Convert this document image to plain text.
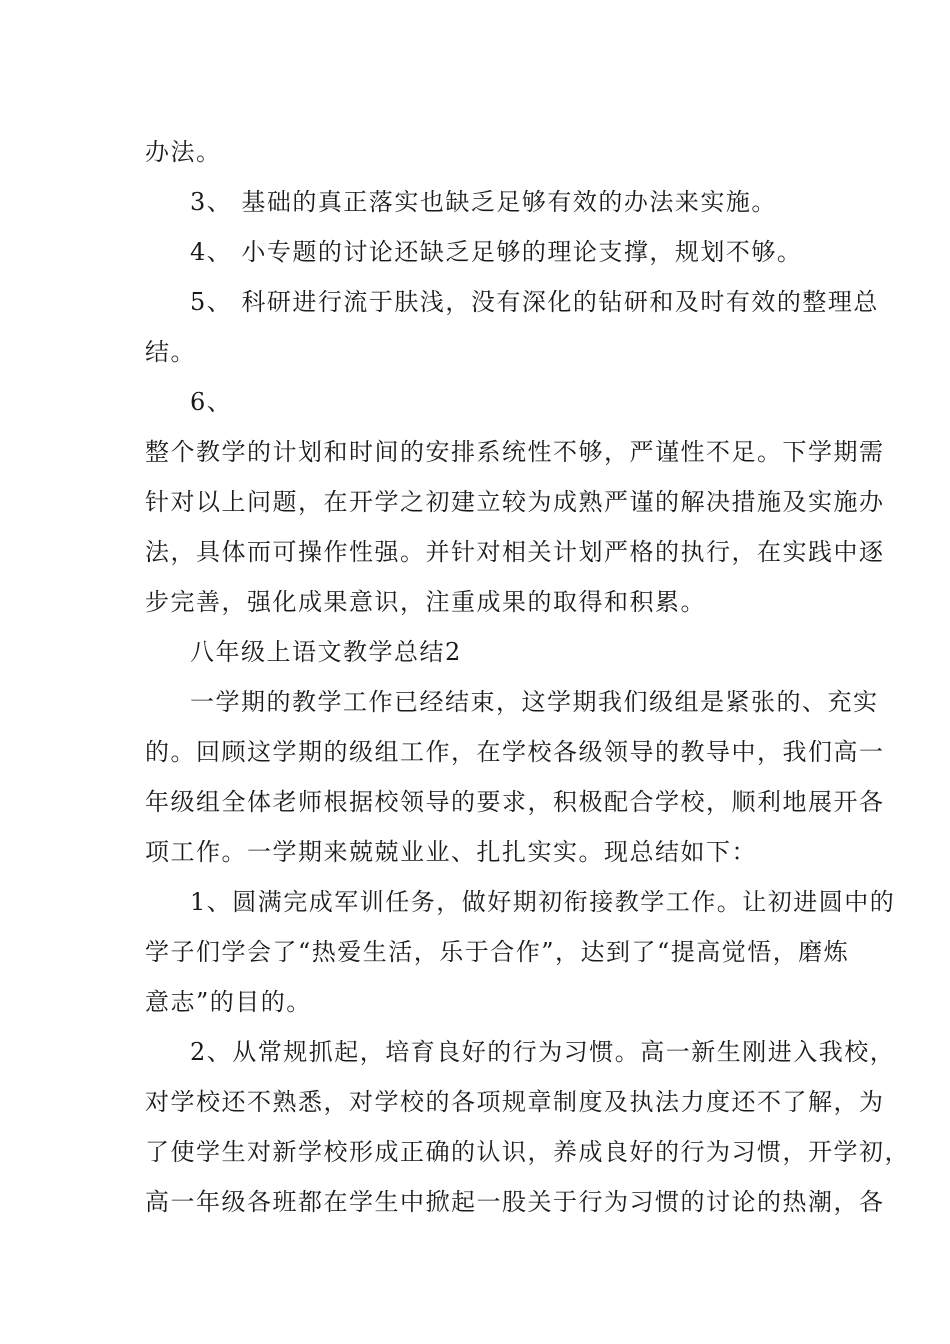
办法。

3、 基础的真正落实也缺乏足够有效的办法来实施。

4、 小专题的讨论还缺乏足够的理论支撑，规划不够。

5、 科研进行流于肤浅，没有深化的钻研和及时有效的整理总

结。

6、

整个教学的计划和时间的安排系统性不够，严谨性不足。下学期需

针对以上问题，在开学之初建立较为成熟严谨的解决措施及实施办

法，具体而可操作性强。并针对相关计划严格的执行，在实践中逐

步完善，强化成果意识，注重成果的取得和积累。

八年级上语文教学总结2

一学期的教学工作已经结束，这学期我们级组是紧张的、充实

的。回顾这学期的级组工作，在学校各级领导的教导中，我们高一

年级组全体老师根据校领导的要求，积极配合学校，顺利地展开各

项工作。一学期来兢兢业业、扎扎实实。现总结如下：

1、圆满完成军训任务，做好期初衔接教学工作。让初进圆中的

学子们学会了“热爱生活，乐于合作”，达到了“提高觉悟，磨炼

意志”的目的。

2、从常规抓起，培育良好的行为习惯。高一新生刚进入我校，

对学校还不熟悉，对学校的各项规章制度及执法力度还不了解，为

了使学生对新学校形成正确的认识，养成良好的行为习惯，开学初，

高一年级各班都在学生中掀起一股关于行为习惯的讨论的热潮，各
